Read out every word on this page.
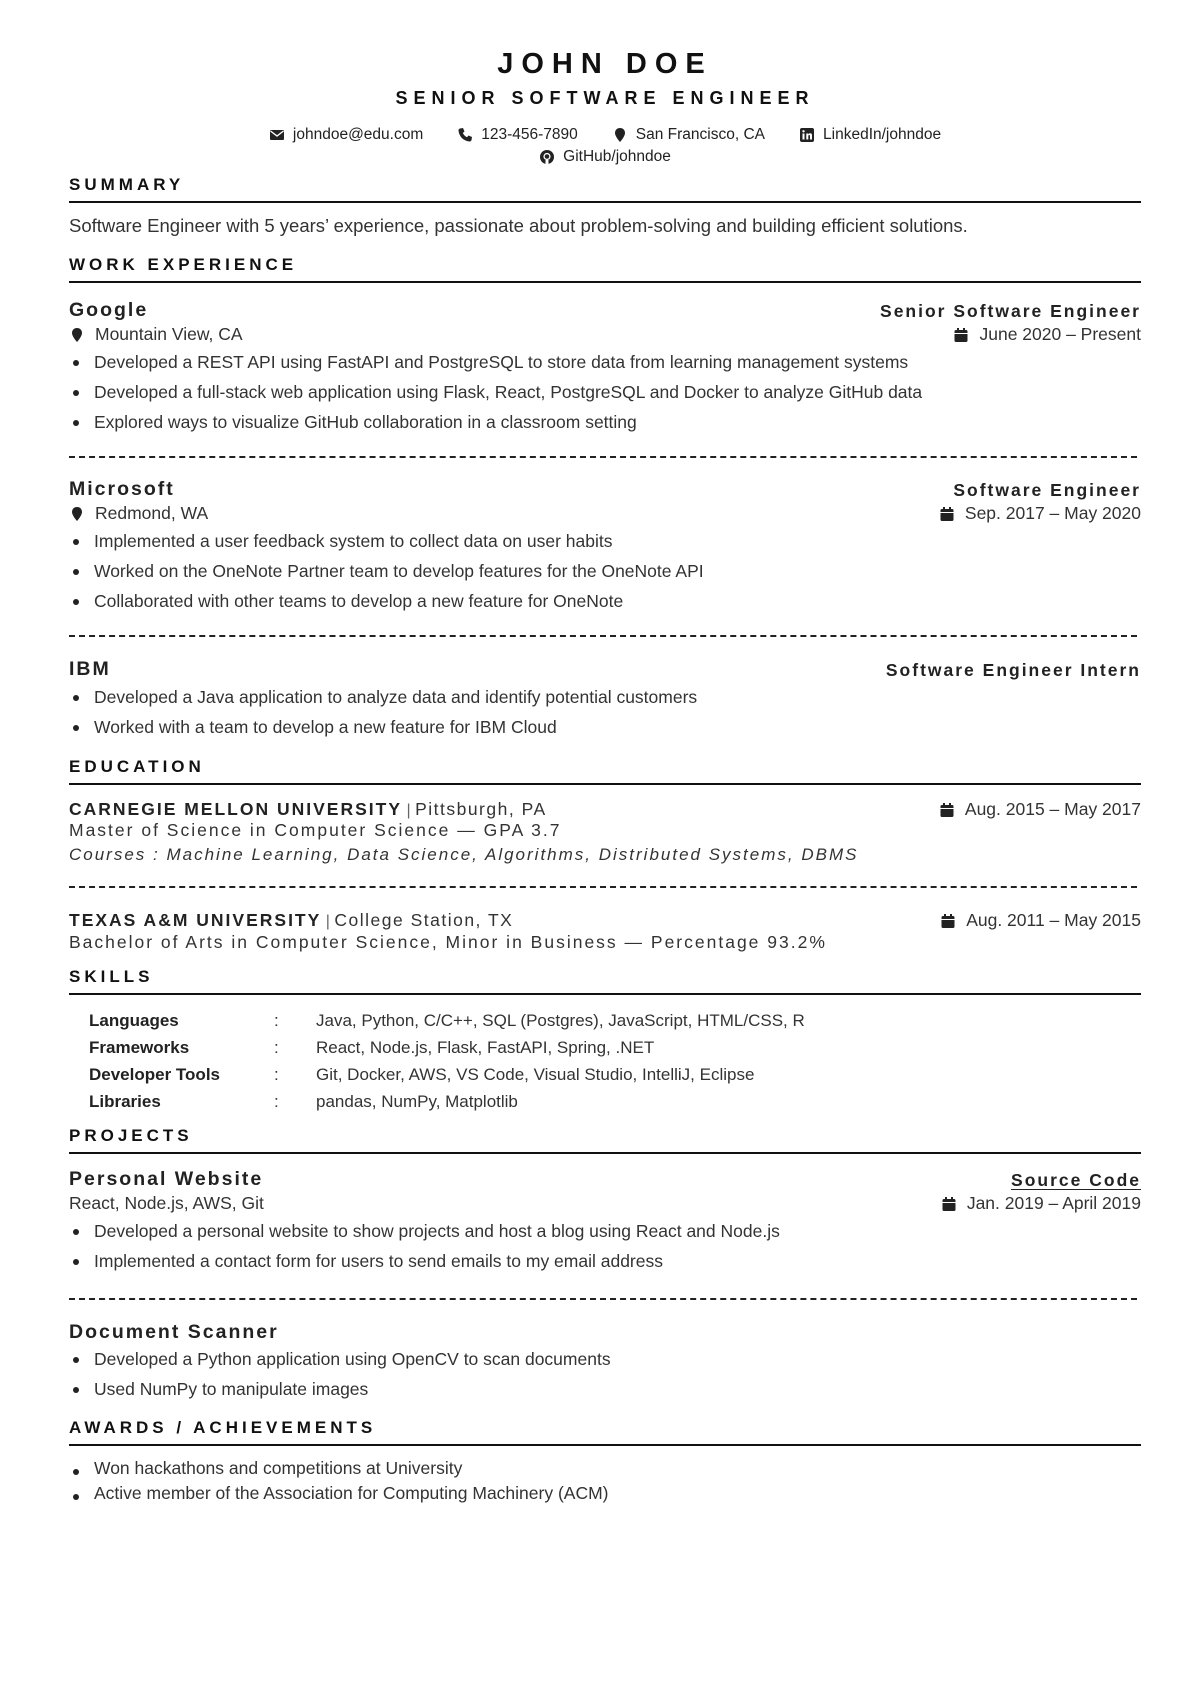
JOHN DOE
SENIOR SOFTWARE ENGINEER
johndoe@edu.com	123-456-7890	San Francisco, CA	LinkedIn/johndoe
GitHub/johndoe
SUMMARY
Software Engineer with 5 years’ experience, passionate about problem-solving and building efficient solutions.
WORK EXPERIENCE
Google	Senior Software Engineer
Mountain View, CA	June 2020 – Present
Developed a REST API using FastAPI and PostgreSQL to store data from learning management systems
Developed a full-stack web application using Flask, React, PostgreSQL and Docker to analyze GitHub data
Explored ways to visualize GitHub collaboration in a classroom setting
Microsoft	Software Engineer
Redmond, WA	Sep. 2017 – May 2020
Implemented a user feedback system to collect data on user habits
Worked on the OneNote Partner team to develop features for the OneNote API
Collaborated with other teams to develop a new feature for OneNote
IBM	Software Engineer Intern
Developed a Java application to analyze data and identify potential customers
Worked with a team to develop a new feature for IBM Cloud
EDUCATION
CARNEGIE MELLON UNIVERSITY | Pittsburgh, PA	Aug. 2015 – May 2017
Master of Science in Computer Science — GPA 3.7
Courses : Machine Learning, Data Science, Algorithms, Distributed Systems, DBMS
TEXAS A&M UNIVERSITY | College Station, TX	Aug. 2011 – May 2015
Bachelor of Arts in Computer Science, Minor in Business — Percentage 93.2%
SKILLS
Languages	:	Java, Python, C/C++, SQL (Postgres), JavaScript, HTML/CSS, R
Frameworks	:	React, Node.js, Flask, FastAPI, Spring, .NET
Developer Tools	:	Git, Docker, AWS, VS Code, Visual Studio, IntelliJ, Eclipse
Libraries	:	pandas, NumPy, Matplotlib
PROJECTS
Personal Website	Source Code
React, Node.js, AWS, Git	Jan. 2019 – April 2019
Developed a personal website to show projects and host a blog using React and Node.js
Implemented a contact form for users to send emails to my email address
Document Scanner
Developed a Python application using OpenCV to scan documents
Used NumPy to manipulate images
AWARDS / ACHIEVEMENTS
Won hackathons and competitions at University
Active member of the Association for Computing Machinery (ACM)
